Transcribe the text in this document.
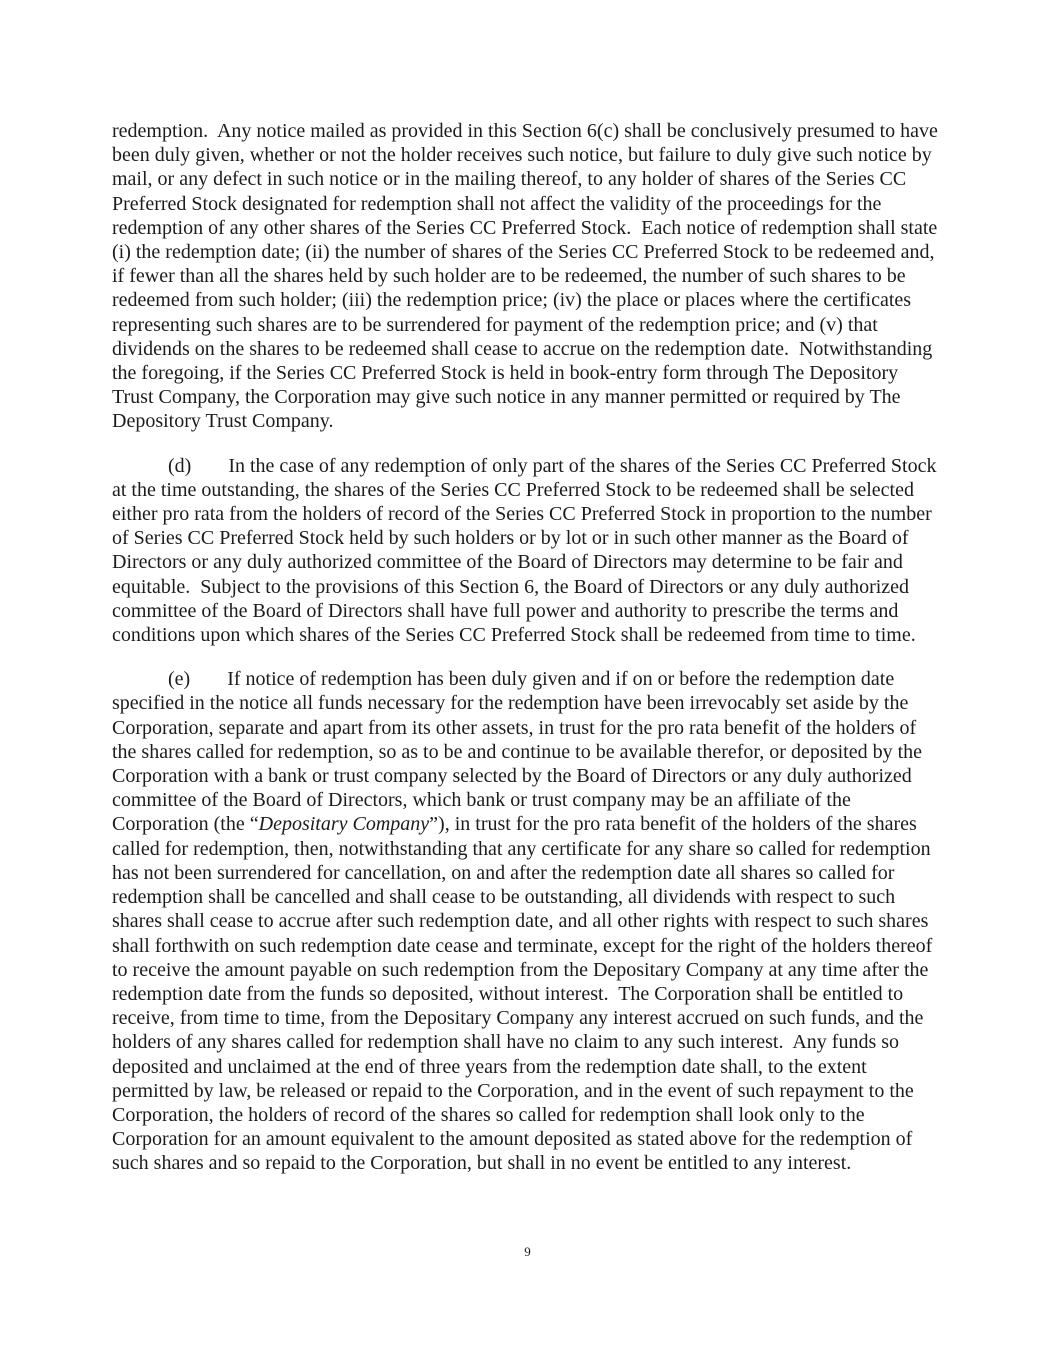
redemption.  Any notice mailed as provided in this Section 6(c) shall be conclusively presumed to have been duly given, whether or not the holder receives such notice, but failure to duly give such notice by mail, or any defect in such notice or in the mailing thereof, to any holder of shares of the Series CC Preferred Stock designated for redemption shall not affect the validity of the proceedings for the redemption of any other shares of the Series CC Preferred Stock.  Each notice of redemption shall state (i) the redemption date; (ii) the number of shares of the Series CC Preferred Stock to be redeemed and, if fewer than all the shares held by such holder are to be redeemed, the number of such shares to be redeemed from such holder; (iii) the redemption price; (iv) the place or places where the certificates representing such shares are to be surrendered for payment of the redemption price; and (v) that dividends on the shares to be redeemed shall cease to accrue on the redemption date.  Notwithstanding the foregoing, if the Series CC Preferred Stock is held in book-entry form through The Depository Trust Company, the Corporation may give such notice in any manner permitted or required by The Depository Trust Company.

(d) In the case of any redemption of only part of the shares of the Series CC Preferred Stock at the time outstanding, the shares of the Series CC Preferred Stock to be redeemed shall be selected either pro rata from the holders of record of the Series CC Preferred Stock in proportion to the number of Series CC Preferred Stock held by such holders or by lot or in such other manner as the Board of Directors or any duly authorized committee of the Board of Directors may determine to be fair and equitable.  Subject to the provisions of this Section 6, the Board of Directors or any duly authorized committee of the Board of Directors shall have full power and authority to prescribe the terms and conditions upon which shares of the Series CC Preferred Stock shall be redeemed from time to time.

(e) If notice of redemption has been duly given and if on or before the redemption date specified in the notice all funds necessary for the redemption have been irrevocably set aside by the Corporation, separate and apart from its other assets, in trust for the pro rata benefit of the holders of the shares called for redemption, so as to be and continue to be available therefor, or deposited by the Corporation with a bank or trust company selected by the Board of Directors or any duly authorized committee of the Board of Directors, which bank or trust company may be an affiliate of the Corporation (the “Depositary Company”), in trust for the pro rata benefit of the holders of the shares called for redemption, then, notwithstanding that any certificate for any share so called for redemption has not been surrendered for cancellation, on and after the redemption date all shares so called for redemption shall be cancelled and shall cease to be outstanding, all dividends with respect to such shares shall cease to accrue after such redemption date, and all other rights with respect to such shares shall forthwith on such redemption date cease and terminate, except for the right of the holders thereof to receive the amount payable on such redemption from the Depositary Company at any time after the redemption date from the funds so deposited, without interest.  The Corporation shall be entitled to receive, from time to time, from the Depositary Company any interest accrued on such funds, and the holders of any shares called for redemption shall have no claim to any such interest.  Any funds so deposited and unclaimed at the end of three years from the redemption date shall, to the extent permitted by law, be released or repaid to the Corporation, and in the event of such repayment to the Corporation, the holders of record of the shares so called for redemption shall look only to the Corporation for an amount equivalent to the amount deposited as stated above for the redemption of such shares and so repaid to the Corporation, but shall in no event be entitled to any interest.

9
